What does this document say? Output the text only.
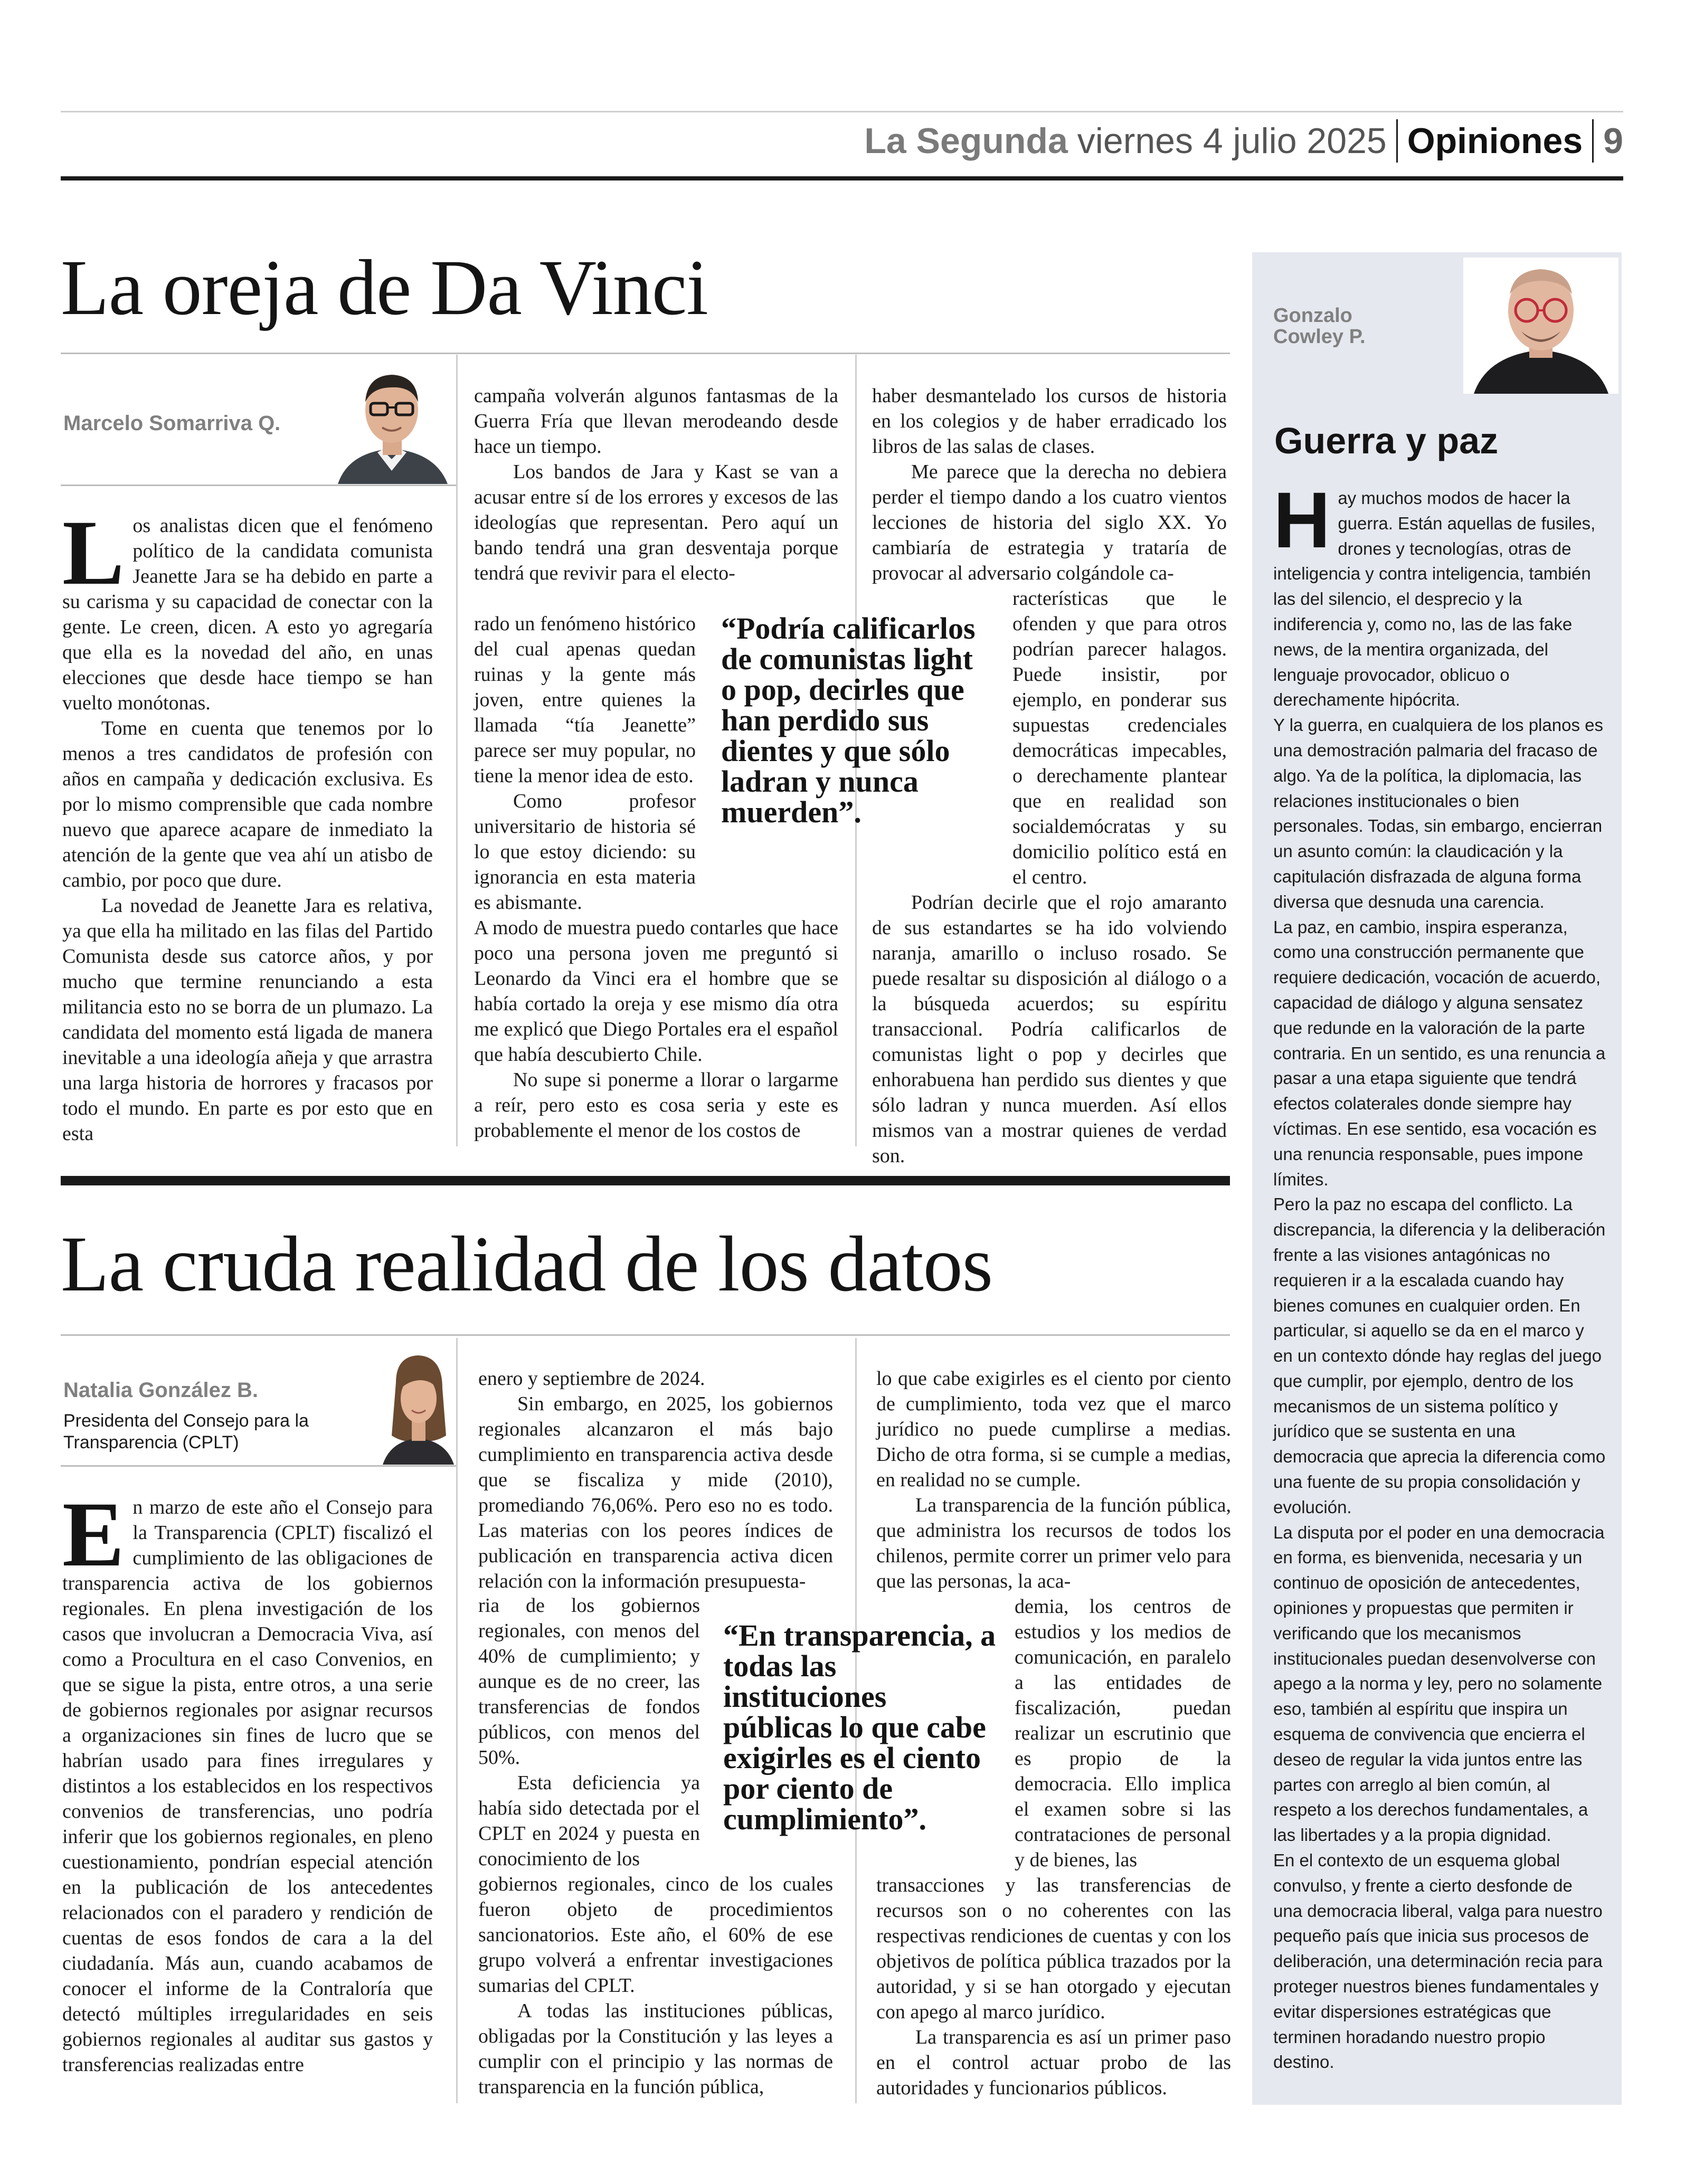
La Segunda viernes 4 julio 2025 Opiniones 9
La oreja de Da Vinci
Marcelo Somarriva Q.
L os analistas dicen que el fenómeno político de la candidata comunista Jeanette Jara se ha debido en parte a su carisma y su capacidad de conectar con la gente. Le creen, dicen. A esto yo agregaría que ella es la novedad del año, en unas elecciones que desde hace tiempo se han vuelto monótonas.

Tome en cuenta que tenemos por lo menos a tres candidatos de profesión con años en campaña y dedicación exclusiva. Es por lo mismo comprensible que cada nombre nuevo que aparece acapare de inmediato la atención de la gente que vea ahí un atisbo de cambio, por poco que dure.

La novedad de Jeanette Jara es relativa, ya que ella ha militado en las filas del Partido Comunista desde sus catorce años, y por mucho que termine renunciando a esta militancia esto no se borra de un plumazo. La candidata del momento está ligada de manera inevitable a una ideología añeja y que arrastra una larga historia de horrores y fracasos por todo el mundo. En parte es por esto que en esta

campaña volverán algunos fantasmas de la Guerra Fría que llevan merodeando desde hace un tiempo.

Los bandos de Jara y Kast se van a acusar entre sí de los errores y excesos de las ideologías que representan. Pero aquí un bando tendrá una gran desventaja porque tendrá que revivir para el electo-

rado un fenómeno histórico del cual apenas quedan ruinas y la gente más joven, entre quienes la llamada “tía Jeanette” parece ser muy popular, no tiene la menor idea de esto.

Como profesor universitario de historia sé lo que estoy diciendo: su ignorancia en esta materia es abismante.

A modo de muestra puedo contarles que hace poco una persona joven me preguntó si Leonardo da Vinci era el hombre que se había cortado la oreja y ese mismo día otra me explicó que Diego Portales era el español que había descubierto Chile.

No supe si ponerme a llorar o largarme a reír, pero esto es cosa seria y este es probablemente el menor de los costos de

haber desmantelado los cursos de historia en los colegios y de haber erradicado los libros de las salas de clases.

Me parece que la derecha no debiera perder el tiempo dando a los cuatro vientos lecciones de historia del siglo XX. Yo cambiaría de estrategia y trataría de provocar al adversario colgándole ca-

racterísticas que le ofenden y que para otros podrían parecer halagos. Puede insistir, por ejemplo, en ponderar sus supuestas credenciales democráticas impecables, o derechamente plantear que en realidad son socialdemócratas y su domicilio político está en el centro.

Podrían decirle que el rojo amaranto de sus estandartes se ha ido volviendo naranja, amarillo o incluso rosado. Se puede resaltar su disposición al diálogo o a la búsqueda acuerdos; su espíritu transaccional. Podría calificarlos de comunistas light o pop y decirles que enhorabuena han perdido sus dientes y que sólo ladran y nunca muerden. Así ellos mismos van a mostrar quienes de verdad son.

“Podría calificarlos de comunistas light o pop, decirles que han perdido sus dientes y que sólo ladran y nunca muerden”.
La cruda realidad de los datos
Natalia González B.
Presidenta del Consejo para la Transparencia (CPLT)
E n marzo de este año el Consejo para la Transparencia (CPLT) fiscalizó el cumplimiento de las obligaciones de transparencia activa de los gobiernos regionales. En plena investigación de los casos que involucran a Democracia Viva, así como a Procultura en el caso Convenios, en que se sigue la pista, entre otros, a una serie de gobiernos regionales por asignar recursos a organizaciones sin fines de lucro que se habrían usado para fines irregulares y distintos a los establecidos en los respectivos convenios de transferencias, uno podría inferir que los gobiernos regionales, en pleno cuestionamiento, pondrían especial atención en la publicación de los antecedentes relacionados con el paradero y rendición de cuentas de esos fondos de cara a la del ciudadanía. Más aun, cuando acabamos de conocer el informe de la Contraloría que detectó múltiples irregularidades en seis gobiernos regionales al auditar sus gastos y transferencias realizadas entre

enero y septiembre de 2024.

Sin embargo, en 2025, los gobiernos regionales alcanzaron el más bajo cumplimiento en transparencia activa desde que se fiscaliza y mide (2010), promediando 76,06%. Pero eso no es todo. Las materias con los peores índices de publicación en transparencia activa dicen relación con la información presupuesta-

ria de los gobiernos regionales, con menos del 40% de cumplimiento; y aunque es de no creer, las transferencias de fondos públicos, con menos del 50%.

Esta deficiencia ya había sido detectada por el CPLT en 2024 y puesta en conocimiento de los

gobiernos regionales, cinco de los cuales fueron objeto de procedimientos sancionatorios. Este año, el 60% de ese grupo volverá a enfrentar investigaciones sumarias del CPLT.

A todas las instituciones públicas, obligadas por la Constitución y las leyes a cumplir con el principio y las normas de transparencia en la función pública,

lo que cabe exigirles es el ciento por ciento de cumplimiento, toda vez que el marco jurídico no puede cumplirse a medias. Dicho de otra forma, si se cumple a medias, en realidad no se cumple.

La transparencia de la función pública, que administra los recursos de todos los chilenos, permite correr un primer velo para que las personas, la aca-

demia, los centros de estudios y los medios de comunicación, en paralelo a las entidades de fiscalización, puedan realizar un escrutinio que es propio de la democracia. Ello implica el examen sobre si las contrataciones de personal y de bienes, las

transacciones y las transferencias de recursos son o no coherentes con las respectivas rendiciones de cuentas y con los objetivos de política pública trazados por la autoridad, y si se han otorgado y ejecutan con apego al marco jurídico.

La transparencia es así un primer paso en el control actuar probo de las autoridades y funcionarios públicos.

“En transparencia, a todas las instituciones públicas lo que cabe exigirles es el ciento por ciento de cumplimiento”.
Gonzalo
Cowley P.
Guerra y paz
H ay muchos modos de hacer la guerra. Están aquellas de fusiles, drones y tecnologías, otras de inteligencia y contra inteligencia, también las del silencio, el desprecio y la indiferencia y, como no, las de las fake news, de la mentira organizada, del lenguaje provocador, oblicuo o derechamente hipócrita.

Y la guerra, en cualquiera de los planos es una demostración palmaria del fracaso de algo. Ya de la política, la diplomacia, las relaciones institucionales o bien personales. Todas, sin embargo, encierran un asunto común: la claudicación y la capitulación disfrazada de alguna forma diversa que desnuda una carencia.

La paz, en cambio, inspira esperanza, como una construcción permanente que requiere dedicación, vocación de acuerdo, capacidad de diálogo y alguna sensatez que redunde en la valoración de la parte contraria. En un sentido, es una renuncia a pasar a una etapa siguiente que tendrá efectos colaterales donde siempre hay víctimas. En ese sentido, esa vocación es una renuncia responsable, pues impone límites.

Pero la paz no escapa del conflicto. La discrepancia, la diferencia y la deliberación frente a las visiones antagónicas no requieren ir a la escalada cuando hay bienes comunes en cualquier orden. En particular, si aquello se da en el marco y en un contexto dónde hay reglas del juego que cumplir, por ejemplo, dentro de los mecanismos de un sistema político y jurídico que se sustenta en una democracia que aprecia la diferencia como una fuente de su propia consolidación y evolución.

La disputa por el poder en una democracia en forma, es bienvenida, necesaria y un continuo de oposición de antecedentes, opiniones y propuestas que permiten ir verificando que los mecanismos institucionales puedan desenvolverse con apego a la norma y ley, pero no solamente eso, también al espíritu que inspira un esquema de convivencia que encierra el deseo de regular la vida juntos entre las partes con arreglo al bien común, al respeto a los derechos fundamentales, a las libertades y a la propia dignidad.

En el contexto de un esquema global convulso, y frente a cierto desfonde de una democracia liberal, valga para nuestro pequeño país que inicia sus procesos de deliberación, una determinación recia para proteger nuestros bienes fundamentales y evitar dispersiones estratégicas que terminen horadando nuestro propio destino.
